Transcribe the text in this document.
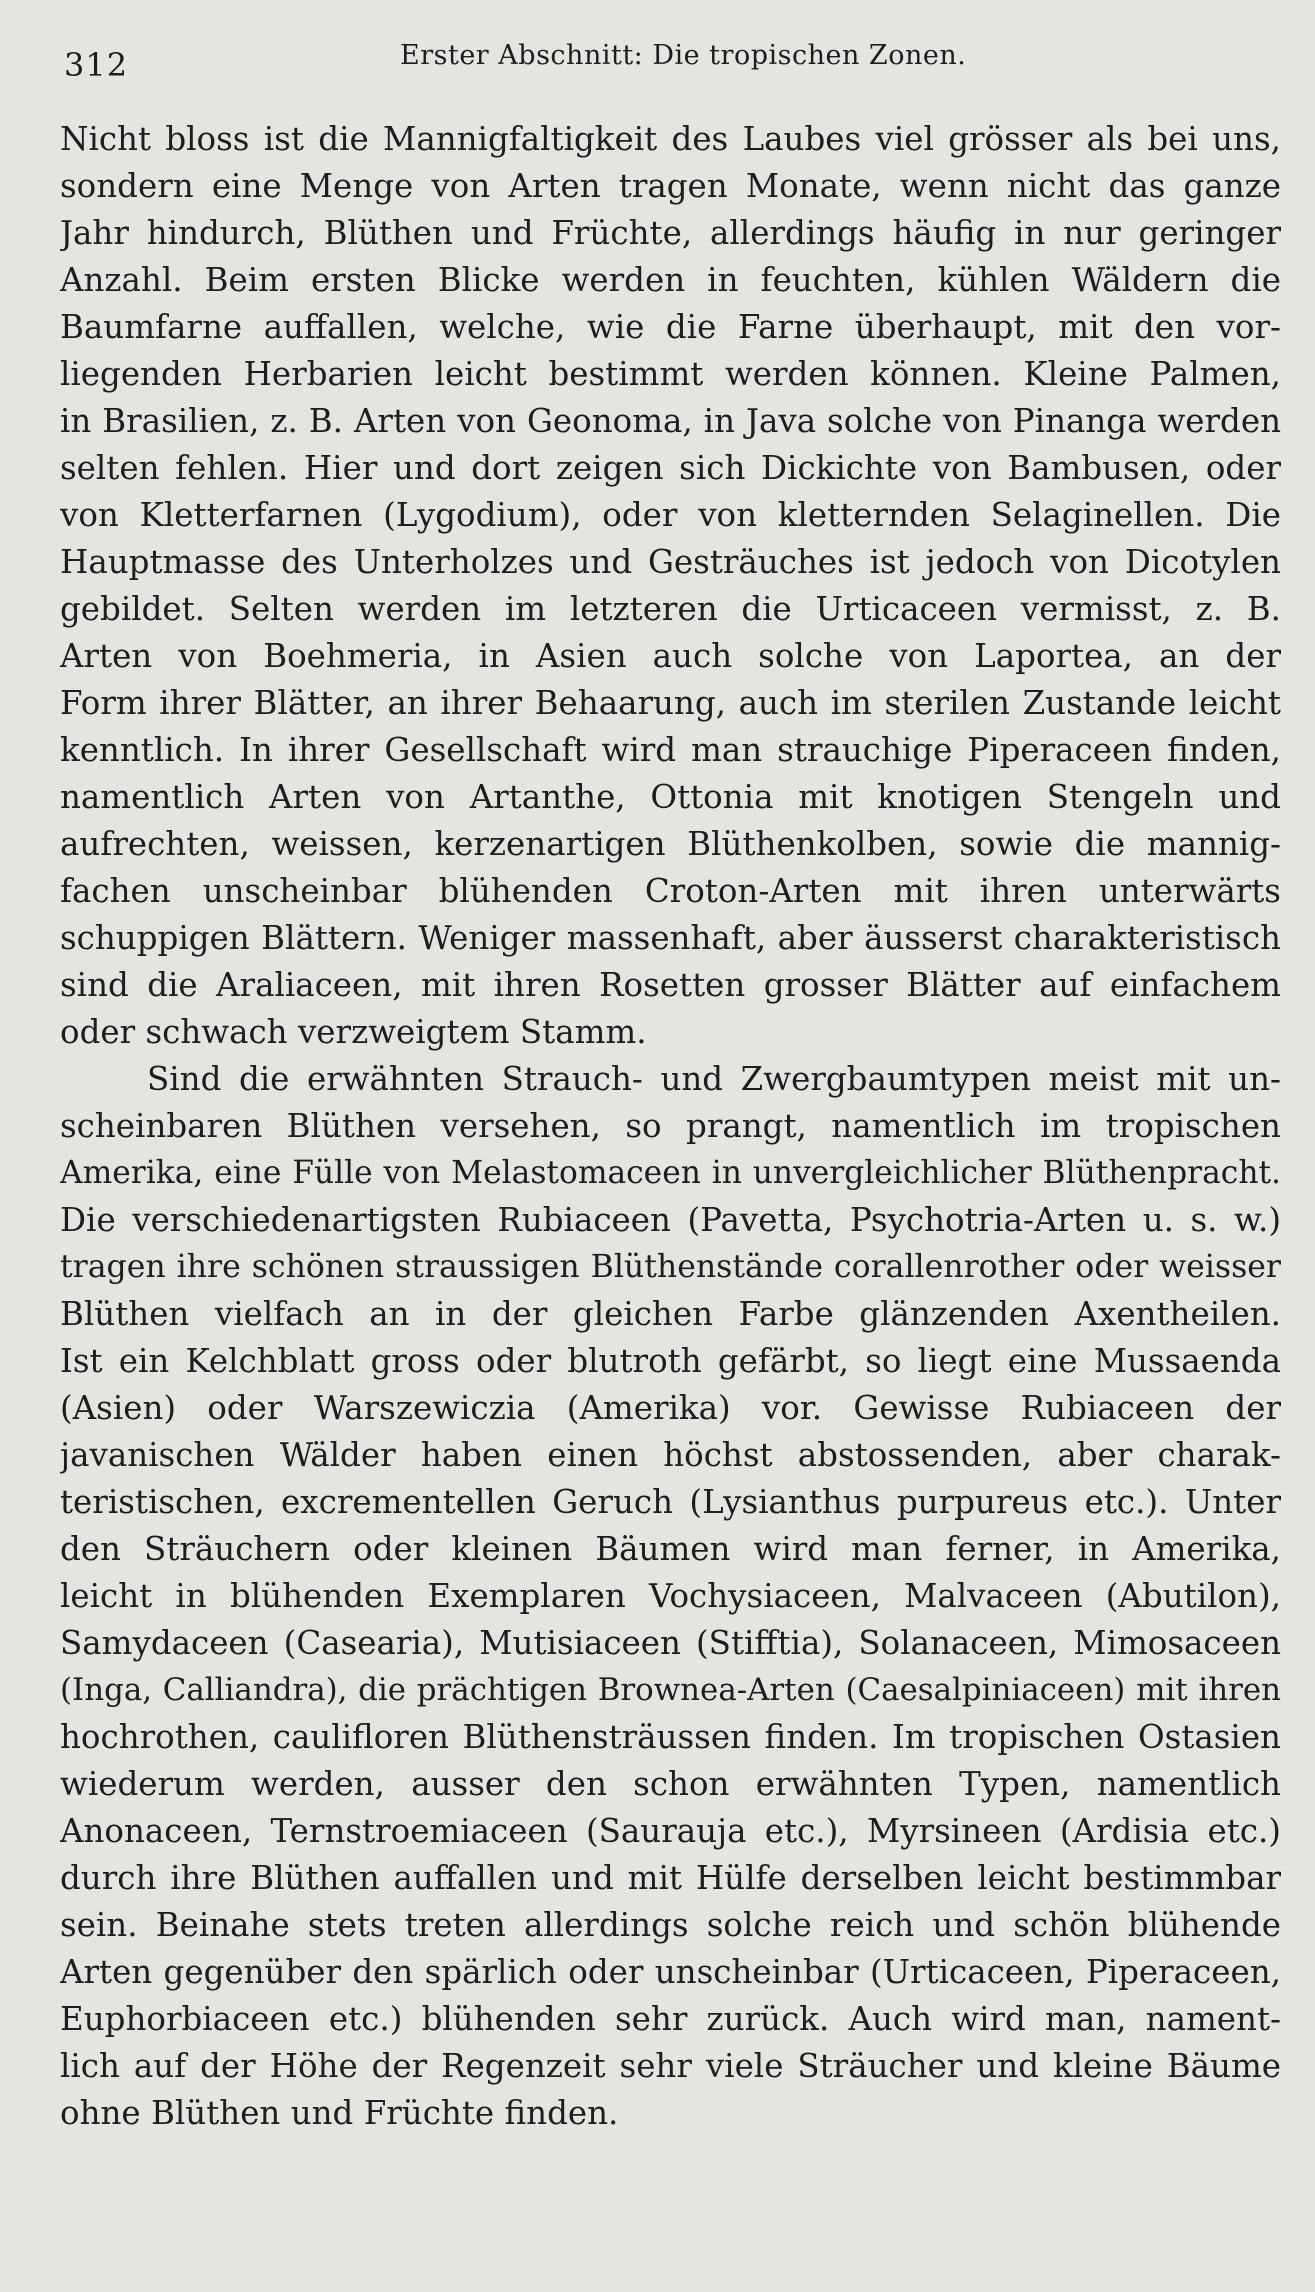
312	Erster Abschnitt: Die tropischen Zonen.
Nicht bloss ist die Mannigfaltigkeit des Laubes viel grösser als bei uns,
sondern eine Menge von Arten tragen Monate, wenn nicht das ganze
Jahr hindurch, Blüthen und Früchte, allerdings häufig in nur geringer
Anzahl. Beim ersten Blicke werden in feuchten, kühlen Wäldern die
Baumfarne auffallen, welche, wie die Farne überhaupt, mit den vor-
liegenden Herbarien leicht bestimmt werden können. Kleine Palmen,
in Brasilien, z. B. Arten von Geonoma, in Java solche von Pinanga werden
selten fehlen. Hier und dort zeigen sich Dickichte von Bambusen, oder
von Kletterfarnen (Lygodium), oder von kletternden Selaginellen. Die
Hauptmasse des Unterholzes und Gesträuches ist jedoch von Dicotylen
gebildet. Selten werden im letzteren die Urticaceen vermisst, z. B.
Arten von Boehmeria, in Asien auch solche von Laportea, an der
Form ihrer Blätter, an ihrer Behaarung, auch im sterilen Zustande leicht
kenntlich. In ihrer Gesellschaft wird man strauchige Piperaceen finden,
namentlich Arten von Artanthe, Ottonia mit knotigen Stengeln und
aufrechten, weissen, kerzenartigen Blüthenkolben, sowie die mannig-
fachen unscheinbar blühenden Croton-Arten mit ihren unterwärts
schuppigen Blättern. Weniger massenhaft, aber äusserst charakteristisch
sind die Araliaceen, mit ihren Rosetten grosser Blätter auf einfachem
oder schwach verzweigtem Stamm.
Sind die erwähnten Strauch- und Zwergbaumtypen meist mit un-
scheinbaren Blüthen versehen, so prangt, namentlich im tropischen
Amerika, eine Fülle von Melastomaceen in unvergleichlicher Blüthenpracht.
Die verschiedenartigsten Rubiaceen (Pavetta, Psychotria-Arten u. s. w.)
tragen ihre schönen straussigen Blüthenstände corallenrother oder weisser
Blüthen vielfach an in der gleichen Farbe glänzenden Axentheilen.
Ist ein Kelchblatt gross oder blutroth gefärbt, so liegt eine Mussaenda
(Asien) oder Warszewiczia (Amerika) vor. Gewisse Rubiaceen der
javanischen Wälder haben einen höchst abstossenden, aber charak-
teristischen, excrementellen Geruch (Lysianthus purpureus etc.). Unter
den Sträuchern oder kleinen Bäumen wird man ferner, in Amerika,
leicht in blühenden Exemplaren Vochysiaceen, Malvaceen (Abutilon),
Samydaceen (Casearia), Mutisiaceen (Stifftia), Solanaceen, Mimosaceen
(Inga, Calliandra), die prächtigen Brownea-Arten (Caesalpiniaceen) mit ihren
hochrothen, caulifloren Blüthensträussen finden. Im tropischen Ostasien
wiederum werden, ausser den schon erwähnten Typen, namentlich
Anonaceen, Ternstroemiaceen (Saurauja etc.), Myrsineen (Ardisia etc.)
durch ihre Blüthen auffallen und mit Hülfe derselben leicht bestimmbar
sein. Beinahe stets treten allerdings solche reich und schön blühende
Arten gegenüber den spärlich oder unscheinbar (Urticaceen, Piperaceen,
Euphorbiaceen etc.) blühenden sehr zurück. Auch wird man, nament-
lich auf der Höhe der Regenzeit sehr viele Sträucher und kleine Bäume
ohne Blüthen und Früchte finden.
